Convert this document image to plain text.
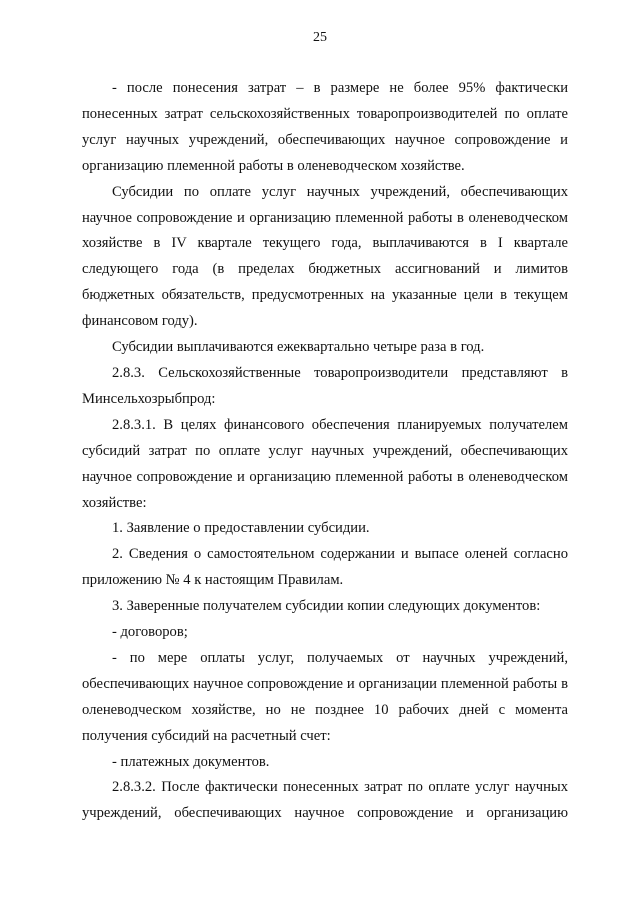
25

- после понесения затрат – в размере не более 95% фактически понесенных затрат сельскохозяйственных товаропроизводителей по оплате услуг научных учреждений, обеспечивающих научное сопровождение и организацию племенной работы в оленеводческом хозяйстве.

Субсидии по оплате услуг научных учреждений, обеспечивающих научное сопровождение и организацию племенной работы в оленеводческом хозяйстве в IV квартале текущего года, выплачиваются в I квартале следующего года (в пределах бюджетных ассигнований и лимитов бюджетных обязательств, предусмотренных на указанные цели в текущем финансовом году).

Субсидии выплачиваются ежеквартально четыре раза в год.

2.8.3. Сельскохозяйственные товаропроизводители представляют в Минсельхозрыбпрод:

2.8.3.1. В целях финансового обеспечения планируемых получателем субсидий затрат по оплате услуг научных учреждений, обеспечивающих научное сопровождение и организацию племенной работы в оленеводческом хозяйстве:

1. Заявление о предоставлении субсидии.

2. Сведения о самостоятельном содержании и выпасе оленей согласно приложению № 4 к настоящим Правилам.

3. Заверенные получателем субсидии копии следующих документов:

- договоров;

- по мере оплаты услуг, получаемых от научных учреждений, обеспечивающих научное сопровождение и организации племенной работы в оленеводческом хозяйстве, но не позднее 10 рабочих дней с момента получения субсидий на расчетный счет:

- платежных документов.

2.8.3.2. После фактически понесенных затрат по оплате услуг научных учреждений, обеспечивающих научное сопровождение и организацию
